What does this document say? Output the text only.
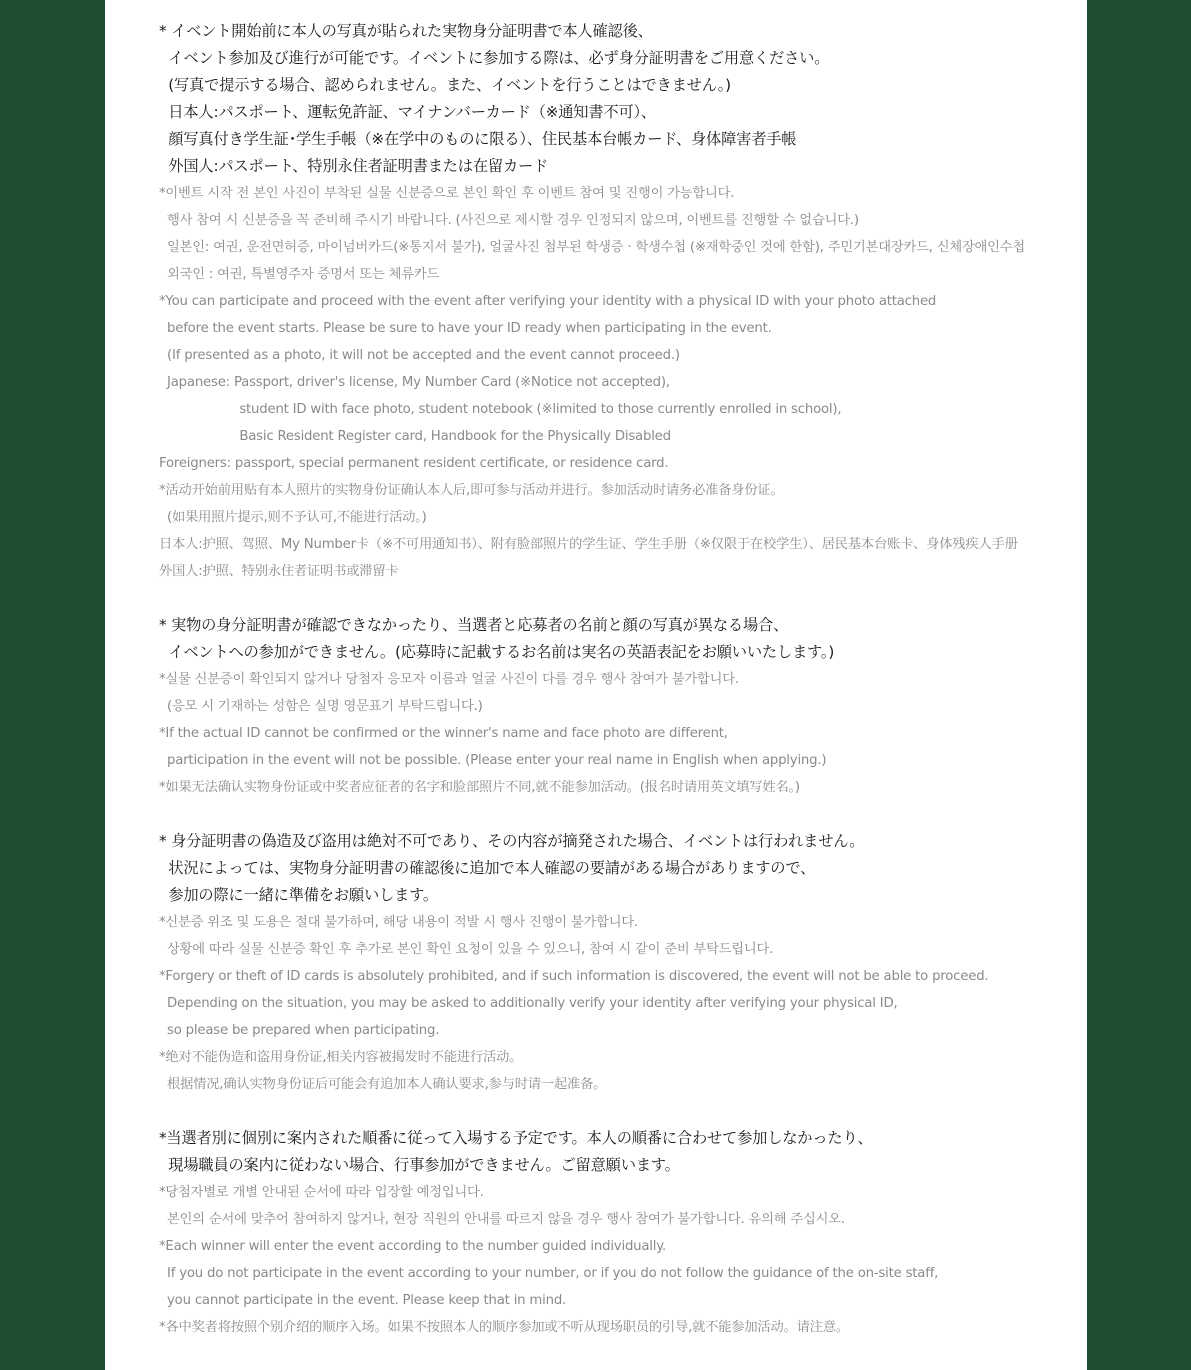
* イベント開始前に本人の写真が貼られた実物身分証明書で本人確認後、
イベント参加及び進行が可能です。イベントに参加する際は、必ず身分証明書をご用意ください。
(写真で提示する場合、認められません。また、イベントを行うことはできません。)
日本人:パスポート、運転免許証、マイナンバーカード（※通知書不可）、
顔写真付き学生証･学生手帳（※在学中のものに限る）、住民基本台帳カード、身体障害者手帳
外国人:パスポート、特別永住者証明書または在留カード
*이벤트 시작 전 본인 사진이 부착된 실물 신분증으로 본인 확인 후 이벤트 참여 및 진행이 가능합니다.
행사 참여 시 신분증을 꼭 준비해 주시기 바랍니다. (사진으로 제시할 경우 인정되지 않으며, 이벤트를 진행할 수 없습니다.)
일본인: 여권, 운전면허증, 마이넘버카드(※통지서 불가), 얼굴사진 첨부된 학생증 · 학생수첩 (※재학중인 것에 한함), 주민기본대장카드, 신체장애인수첩
외국인 : 여권, 특별영주자 증명서 또는 체류카드
*You can participate and proceed with the event after verifying your identity with a physical ID with your photo attached
before the event starts. Please be sure to have your ID ready when participating in the event.
(If presented as a photo, it will not be accepted and the event cannot proceed.)
Japanese: Passport, driver's license, My Number Card (※Notice not accepted),
student ID with face photo, student notebook (※limited to those currently enrolled in school),
Basic Resident Register card, Handbook for the Physically Disabled
Foreigners: passport, special permanent resident certificate, or residence card.
*活动开始前用贴有本人照片的实物身份证确认本人后,即可参与活动并进行。参加活动时请务必准备身份证。
(如果用照片提示,则不予认可,不能进行活动。)
日本人:护照、驾照、My Number卡（※不可用通知书）、附有脸部照片的学生证、学生手册（※仅限于在校学生）、居民基本台账卡、身体残疾人手册
外国人:护照、特别永住者证明书或滞留卡
* 実物の身分証明書が確認できなかったり、当選者と応募者の名前と顔の写真が異なる場合、
イベントへの参加ができません。(応募時に記載するお名前は実名の英語表記をお願いいたします。)
*실물 신분증이 확인되지 않거나 당첨자 응모자 이름과 얼굴 사진이 다를 경우 행사 참여가 불가합니다.
(응모 시 기재하는 성함은 실명 영문표기 부탁드립니다.)
*If the actual ID cannot be confirmed or the winner's name and face photo are different,
participation in the event will not be possible. (Please enter your real name in English when applying.)
*如果无法确认实物身份证或中奖者应征者的名字和脸部照片不同,就不能参加活动。(报名时请用英文填写姓名。)
* 身分証明書の偽造及び盗用は絶対不可であり、その内容が摘発された場合、イベントは行われません。
状況によっては、実物身分証明書の確認後に追加で本人確認の要請がある場合がありますので、
参加の際に一緒に準備をお願いします。
*신분증 위조 및 도용은 절대 불가하며, 해당 내용이 적발 시 행사 진행이 불가합니다.
상황에 따라 실물 신분증 확인 후 추가로 본인 확인 요청이 있을 수 있으니, 참여 시 같이 준비 부탁드립니다.
*Forgery or theft of ID cards is absolutely prohibited, and if such information is discovered, the event will not be able to proceed.
Depending on the situation, you may be asked to additionally verify your identity after verifying your physical ID,
so please be prepared when participating.
*绝对不能伪造和盗用身份证,相关内容被揭发时不能进行活动。
根据情况,确认实物身份证后可能会有追加本人确认要求,参与时请一起准备。
*当選者別に個別に案内された順番に従って入場する予定です。本人の順番に合わせて参加しなかったり、
現場職員の案内に従わない場合、行事参加ができません。ご留意願います。
*당첨자별로 개별 안내된 순서에 따라 입장할 예정입니다.
본인의 순서에 맞추어 참여하지 않거나, 현장 직원의 안내를 따르지 않을 경우 행사 참여가 불가합니다. 유의해 주십시오.
*Each winner will enter the event according to the number guided individually.
If you do not participate in the event according to your number, or if you do not follow the guidance of the on-site staff,
you cannot participate in the event. Please keep that in mind.
*各中奖者将按照个别介绍的顺序入场。如果不按照本人的顺序参加或不听从现场职员的引导,就不能参加活动。请注意。
